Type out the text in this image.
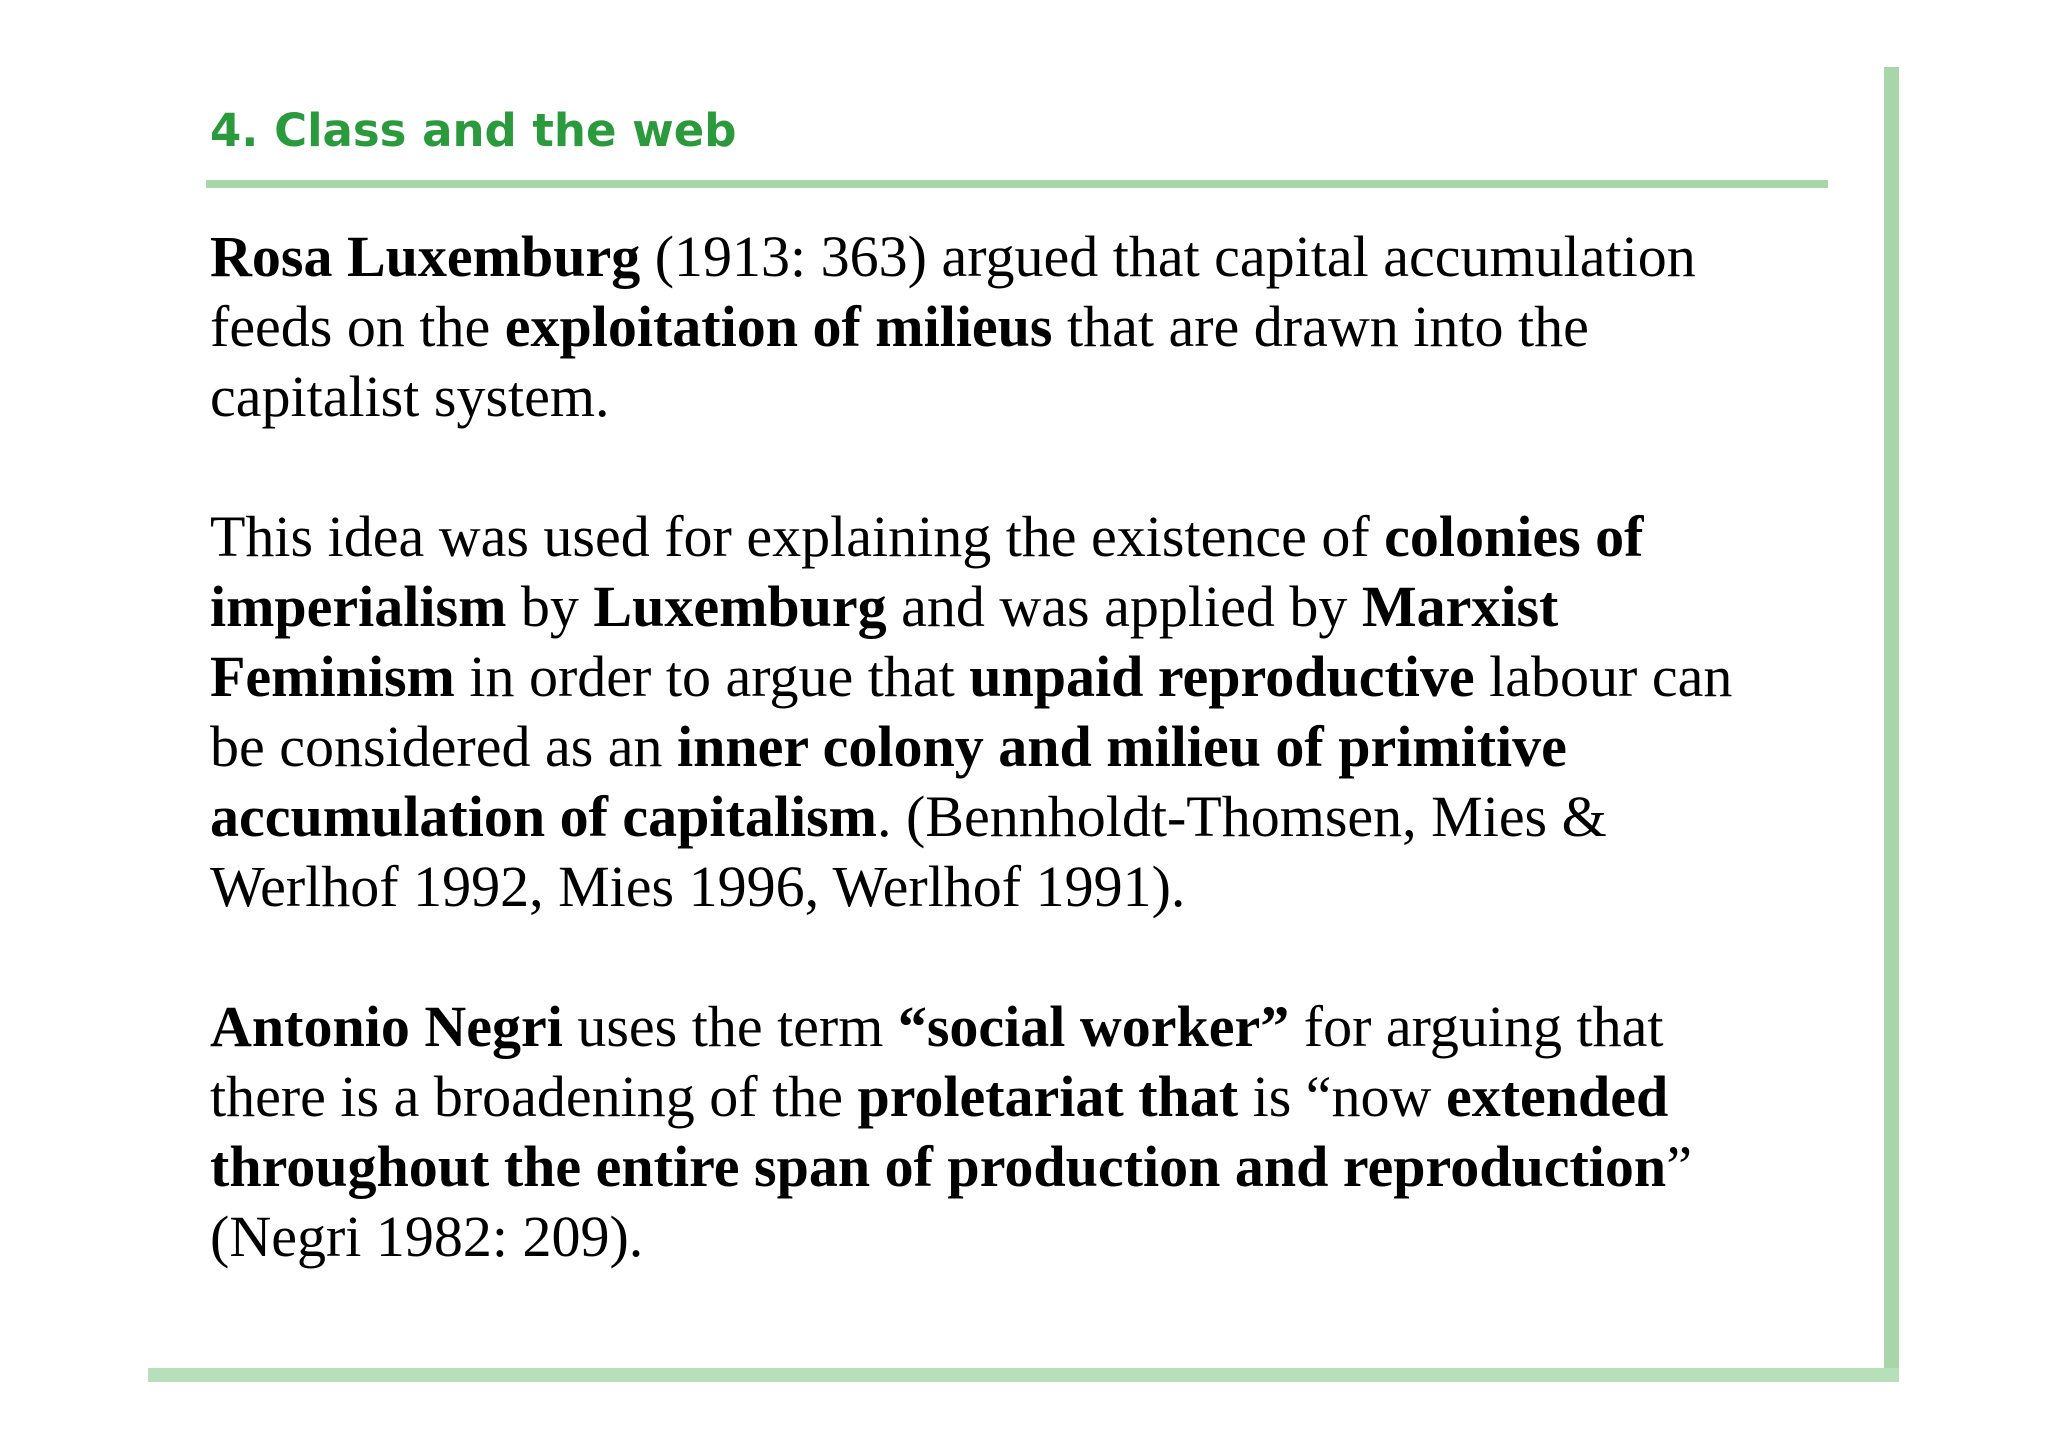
4. Class and the web

Rosa Luxemburg (1913: 363) argued that capital accumulation
feeds on the exploitation of milieus that are drawn into the
capitalist system.

This idea was used for explaining the existence of colonies of
imperialism by Luxemburg and was applied by Marxist
Feminism in order to argue that unpaid reproductive labour can
be considered as an inner colony and milieu of primitive
accumulation of capitalism. (Bennholdt-Thomsen, Mies &
Werlhof 1992, Mies 1996, Werlhof 1991).

Antonio Negri uses the term “social worker” for arguing that
there is a broadening of the proletariat that is “now extended
throughout the entire span of production and reproduction”
(Negri 1982: 209).
